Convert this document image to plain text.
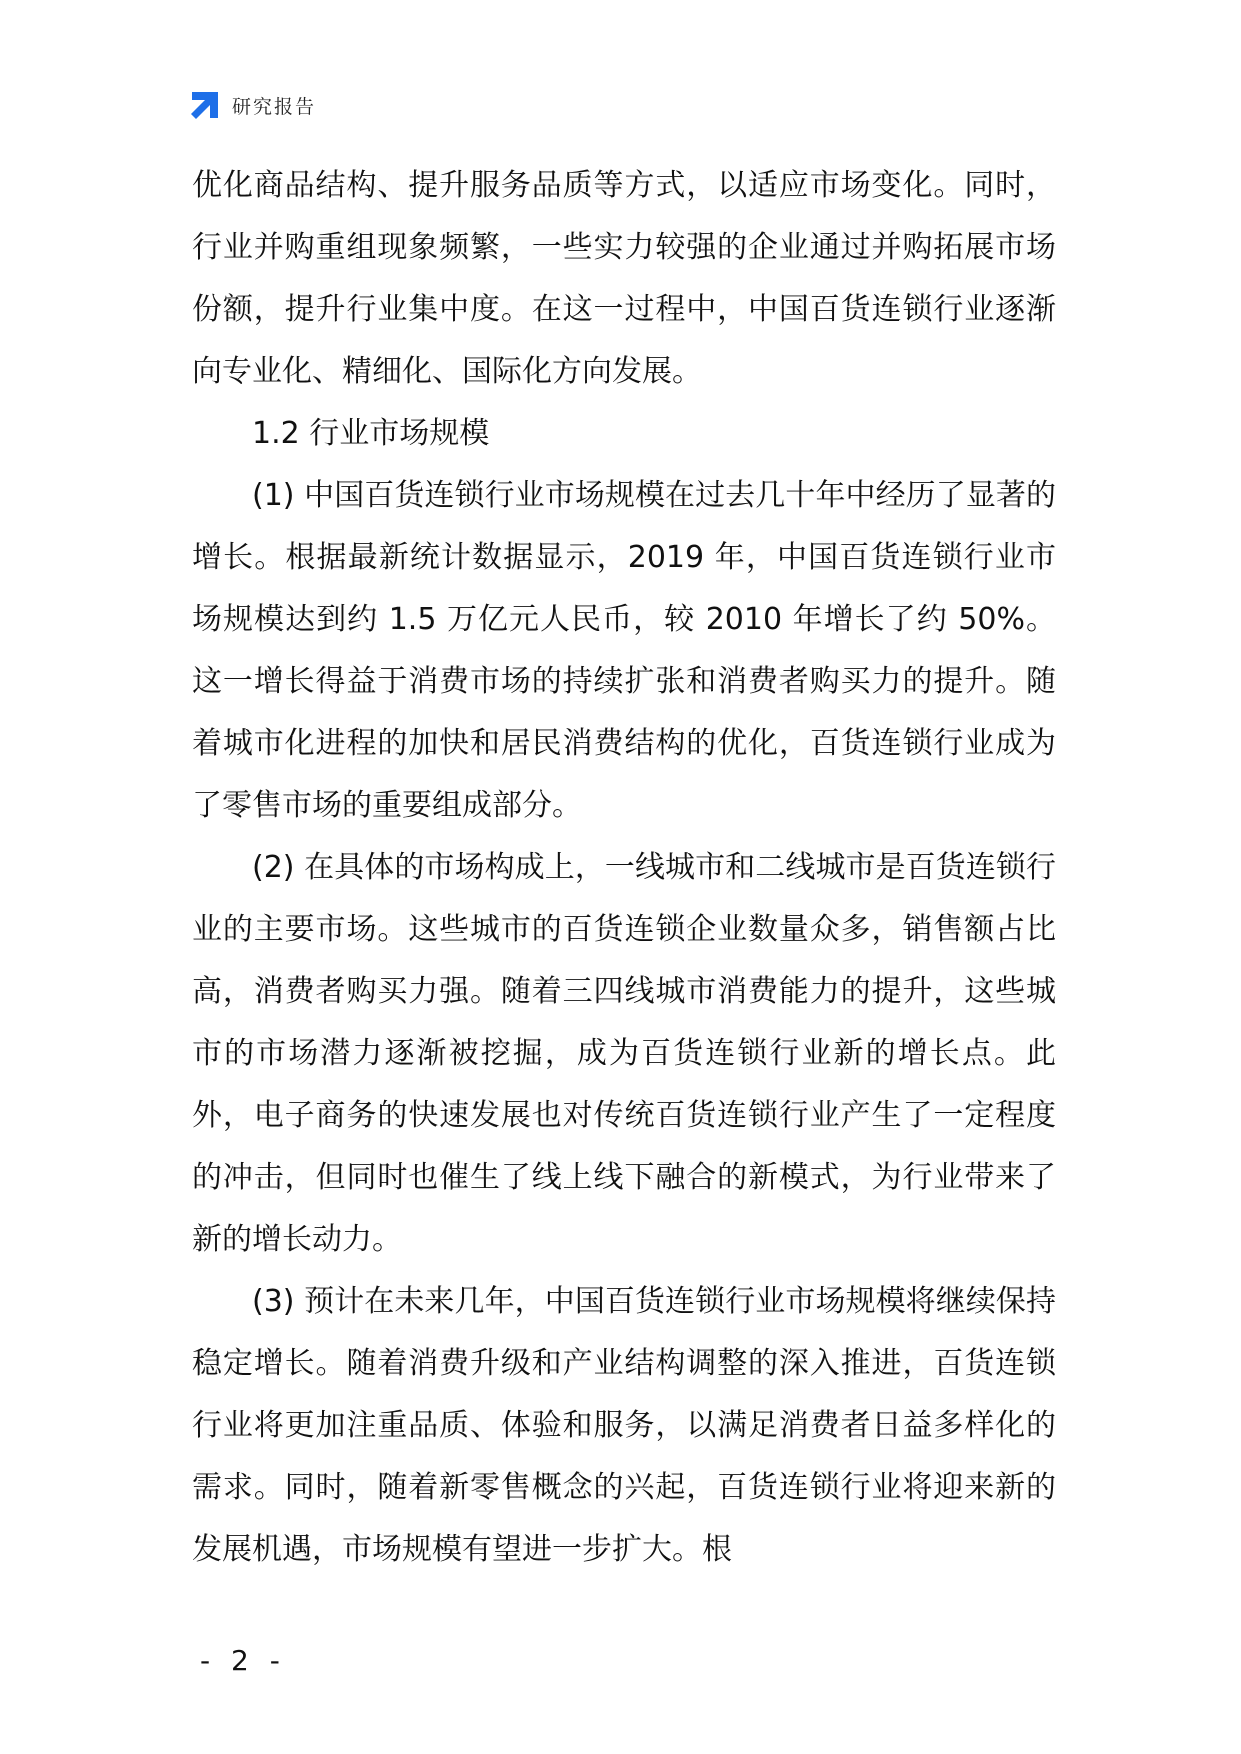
研究报告

优化商品结构、提升服务品质等方式，以适应市场变化。同时，行业并购重组现象频繁，一些实力较强的企业通过并购拓展市场份额，提升行业集中度。在这一过程中，中国百货连锁行业逐渐向专业化、精细化、国际化方向发展。

1.2 行业市场规模

(1) 中国百货连锁行业市场规模在过去几十年中经历了显著的增长。根据最新统计数据显示，2019 年，中国百货连锁行业市场规模达到约 1.5 万亿元人民币，较 2010 年增长了约 50%。这一增长得益于消费市场的持续扩张和消费者购买力的提升。随着城市化进程的加快和居民消费结构的优化，百货连锁行业成为了零售市场的重要组成部分。

(2) 在具体的市场构成上，一线城市和二线城市是百货连锁行业的主要市场。这些城市的百货连锁企业数量众多，销售额占比高，消费者购买力强。随着三四线城市消费能力的提升，这些城市的市场潜力逐渐被挖掘，成为百货连锁行业新的增长点。此外，电子商务的快速发展也对传统百货连锁行业产生了一定程度的冲击，但同时也催生了线上线下融合的新模式，为行业带来了新的增长动力。

(3) 预计在未来几年，中国百货连锁行业市场规模将继续保持稳定增长。随着消费升级和产业结构调整的深入推进，百货连锁行业将更加注重品质、体验和服务，以满足消费者日益多样化的需求。同时，随着新零售概念的兴起，百货连锁行业将迎来新的发展机遇，市场规模有望进一步扩大。根

- 2 -
